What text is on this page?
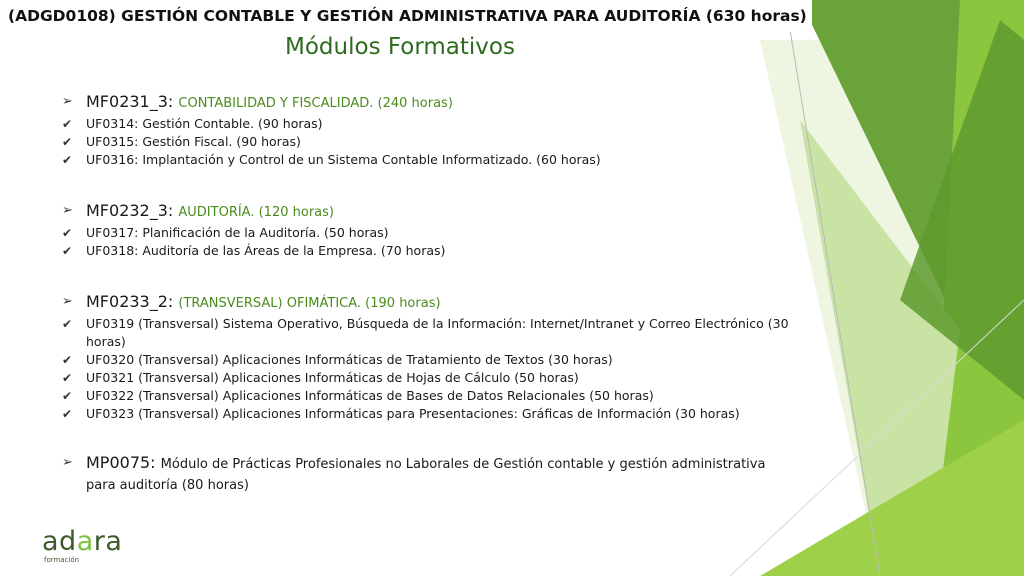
(ADGD0108) GESTIÓN CONTABLE Y GESTIÓN ADMINISTRATIVA PARA AUDITORÍA (630 horas)
Módulos Formativos
➢ MF0231_3: CONTABILIDAD Y FISCALIDAD. (240 horas)
✔ UF0314: Gestión Contable. (90 horas)
✔ UF0315: Gestión Fiscal. (90 horas)
✔ UF0316: Implantación y Control de un Sistema Contable Informatizado. (60 horas)
➢ MF0232_3: AUDITORÍA. (120 horas)
✔ UF0317: Planificación de la Auditoría. (50 horas)
✔ UF0318: Auditoría de las Áreas de la Empresa. (70 horas)
➢ MF0233_2: (TRANSVERSAL) OFIMÁTICA. (190 horas)
✔ UF0319 (Transversal) Sistema Operativo, Búsqueda de la Información: Internet/Intranet y Correo Electrónico (30 horas)
✔ UF0320 (Transversal) Aplicaciones Informáticas de Tratamiento de Textos (30 horas)
✔ UF0321 (Transversal) Aplicaciones Informáticas de Hojas de Cálculo (50 horas)
✔ UF0322 (Transversal) Aplicaciones Informáticas de Bases de Datos Relacionales (50 horas)
✔ UF0323 (Transversal) Aplicaciones Informáticas para Presentaciones: Gráficas de Información (30 horas)
➢ MP0075: Módulo de Prácticas Profesionales no Laborales de Gestión contable y gestión administrativa para auditoría (80 horas)
adara
formación
